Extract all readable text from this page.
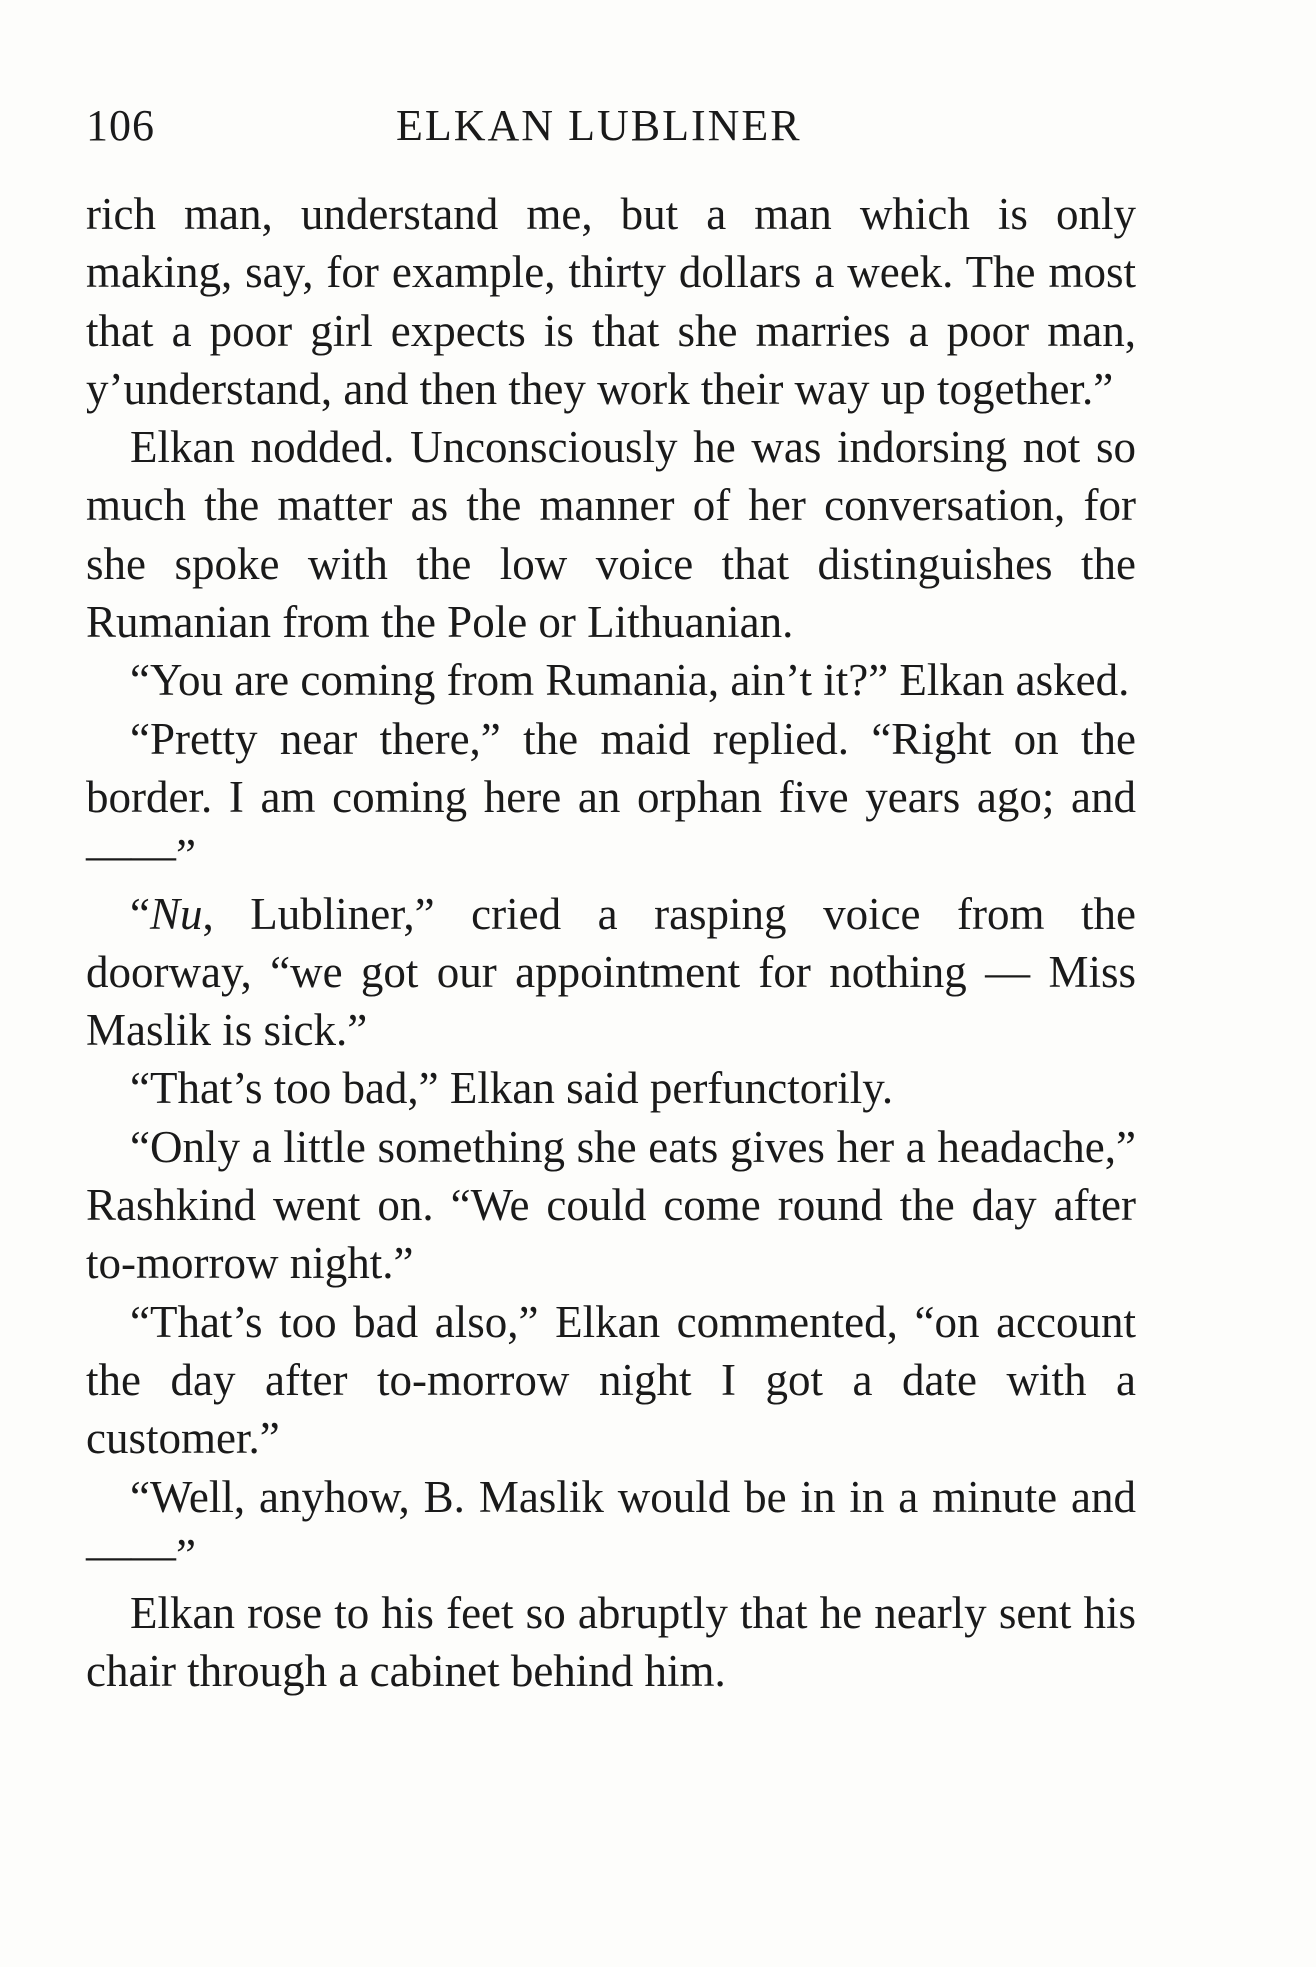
106	ELKAN LUBLINER

rich man, understand me, but a man which is only making, say, for example, thirty dollars a week. The most that a poor girl expects is that she marries a poor man, y’understand, and then they work their way up together.”

Elkan nodded. Unconsciously he was indorsing not so much the matter as the manner of her conversation, for she spoke with the low voice that distinguishes the Rumanian from the Pole or Lithuanian.

“You are coming from Rumania, ain’t it?” Elkan asked.

“Pretty near there,” the maid replied. “Right on the border. I am coming here an orphan five years ago; and ——”

“Nu, Lubliner,” cried a rasping voice from the doorway, “we got our appointment for nothing — Miss Maslik is sick.”

“That’s too bad,” Elkan said perfunctorily.

“Only a little something she eats gives her a headache,” Rashkind went on. “We could come round the day after to-morrow night.”

“That’s too bad also,” Elkan commented, “on account the day after to-morrow night I got a date with a customer.”

“Well, anyhow, B. Maslik would be in in a minute and ——”

Elkan rose to his feet so abruptly that he nearly sent his chair through a cabinet behind him.
